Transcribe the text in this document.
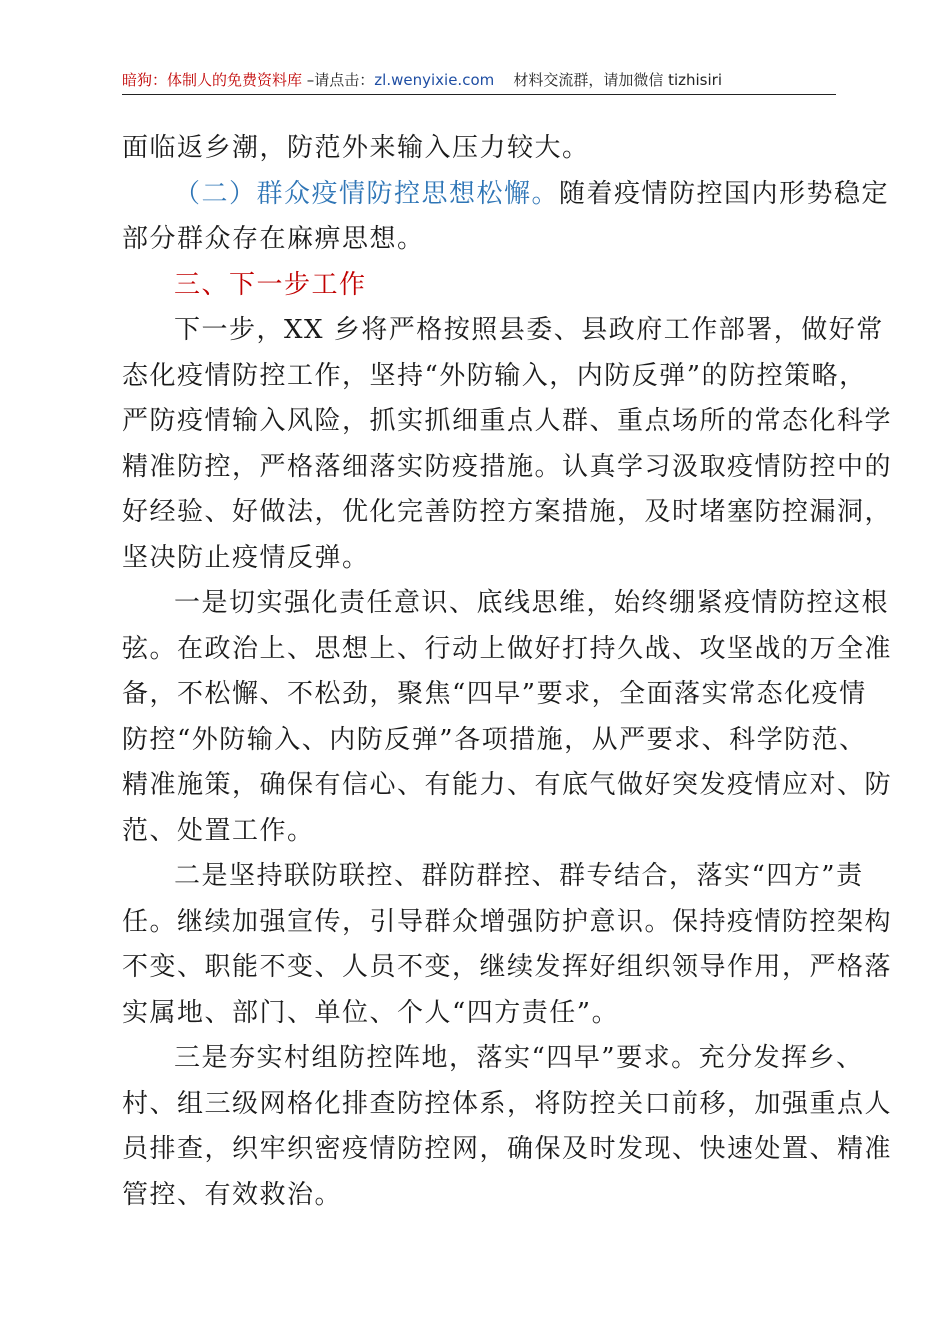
暗狗：体制人的免费资料库 –请点击：zl.wenyixie.com 材料交流群，请加微信 tizhisiri
面临返乡潮，防范外来输入压力较大。
（二）群众疫情防控思想松懈。随着疫情防控国内形势稳定
部分群众存在麻痹思想。
三、下一步工作
下一步，XX 乡将严格按照县委、县政府工作部署，做好常
态化疫情防控工作，坚持“外防输入，内防反弹”的防控策略，
严防疫情输入风险，抓实抓细重点人群、重点场所的常态化科学
精准防控，严格落细落实防疫措施。认真学习汲取疫情防控中的
好经验、好做法，优化完善防控方案措施，及时堵塞防控漏洞，
坚决防止疫情反弹。
一是切实强化责任意识、底线思维，始终绷紧疫情防控这根
弦。在政治上、思想上、行动上做好打持久战、攻坚战的万全准
备，不松懈、不松劲，聚焦“四早”要求，全面落实常态化疫情
防控“外防输入、内防反弹”各项措施，从严要求、科学防范、
精准施策，确保有信心、有能力、有底气做好突发疫情应对、防
范、处置工作。
二是坚持联防联控、群防群控、群专结合，落实“四方”责
任。继续加强宣传，引导群众增强防护意识。保持疫情防控架构
不变、职能不变、人员不变，继续发挥好组织领导作用，严格落
实属地、部门、单位、个人“四方责任”。
三是夯实村组防控阵地，落实“四早”要求。充分发挥乡、
村、组三级网格化排查防控体系，将防控关口前移，加强重点人
员排查，织牢织密疫情防控网，确保及时发现、快速处置、精准
管控、有效救治。
